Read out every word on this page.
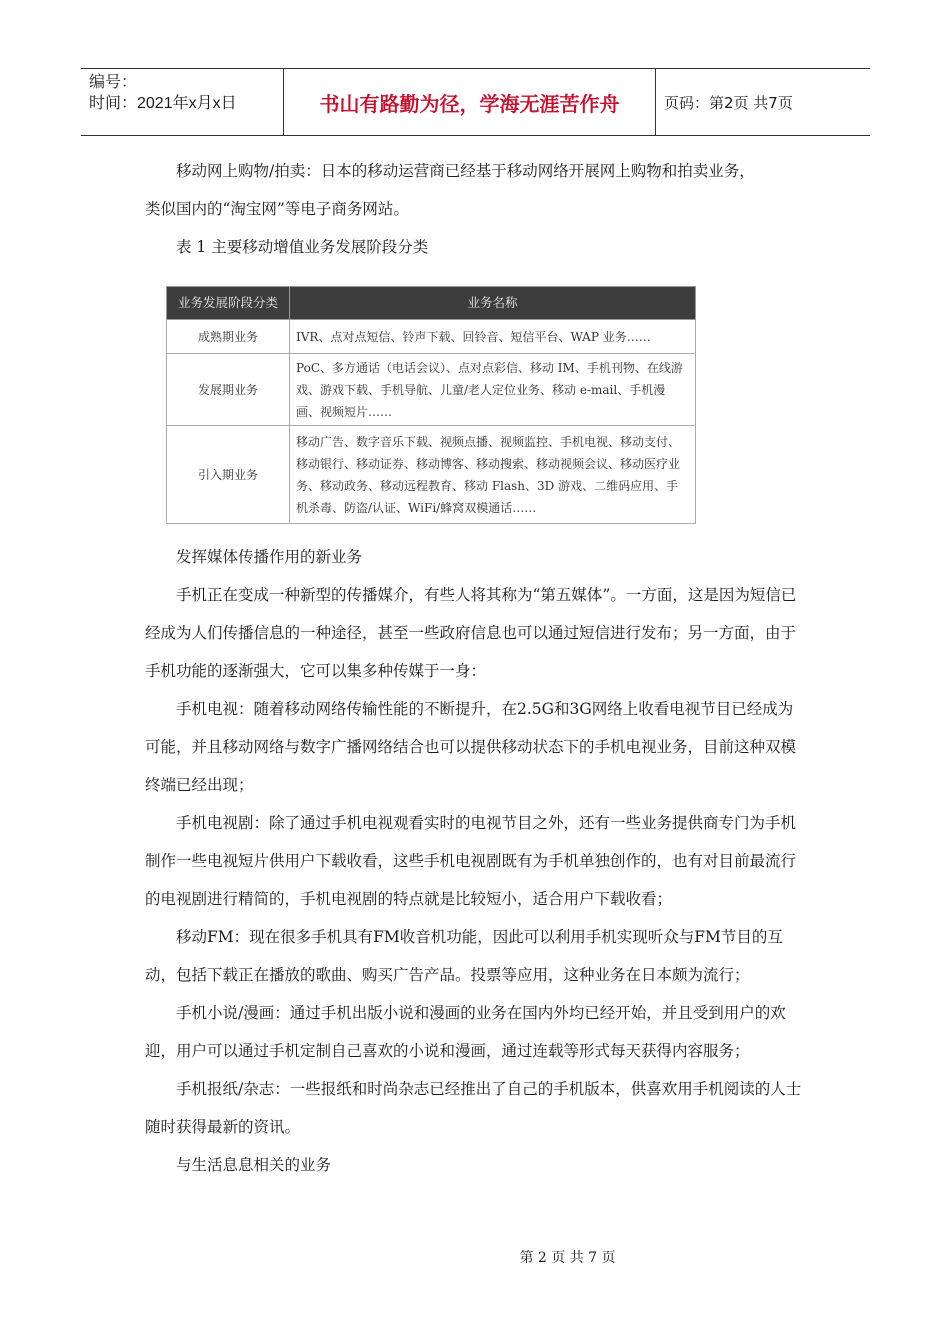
编号：
时间：2021年x月x日	书山有路勤为径，学海无涯苦作舟	页码：第2页 共7页

移动网上购物/拍卖：日本的移动运营商已经基于移动网络开展网上购物和拍卖业务，

类似国内的“淘宝网”等电子商务网站。

表 1 主要移动增值业务发展阶段分类

业务发展阶段分类	业务名称
成熟期业务	IVR、点对点短信、铃声下载、回铃音、短信平台、WAP 业务……
发展期业务	PoC、多方通话（电话会议）、点对点彩信、移动 IM、手机刊物、在线游戏、游戏下载、手机导航、儿童/老人定位业务、移动 e-mail、手机漫画、视频短片……
引入期业务	移动广告、数字音乐下载、视频点播、视频监控、手机电视、移动支付、移动银行、移动证券、移动博客、移动搜索、移动视频会议、移动医疗业务、移动政务、移动远程教育、移动 Flash、3D 游戏、二维码应用、手机杀毒、防盗/认证、WiFi/蜂窝双模通话……

发挥媒体传播作用的新业务

手机正在变成一种新型的传播媒介，有些人将其称为“第五媒体”。一方面，这是因为短信已经成为人们传播信息的一种途径，甚至一些政府信息也可以通过短信进行发布；另一方面，由于手机功能的逐渐强大，它可以集多种传媒于一身：

手机电视：随着移动网络传输性能的不断提升，在2.5G和3G网络上收看电视节目已经成为可能，并且移动网络与数字广播网络结合也可以提供移动状态下的手机电视业务，目前这种双模终端已经出现；

手机电视剧：除了通过手机电视观看实时的电视节目之外，还有一些业务提供商专门为手机制作一些电视短片供用户下载收看，这些手机电视剧既有为手机单独创作的，也有对目前最流行的电视剧进行精简的，手机电视剧的特点就是比较短小，适合用户下载收看；

移动FM：现在很多手机具有FM收音机功能，因此可以利用手机实现听众与FM节目的互动，包括下载正在播放的歌曲、购买广告产品。投票等应用，这种业务在日本颇为流行；

手机小说/漫画：通过手机出版小说和漫画的业务在国内外均已经开始，并且受到用户的欢迎，用户可以通过手机定制自己喜欢的小说和漫画，通过连载等形式每天获得内容服务；

手机报纸/杂志：一些报纸和时尚杂志已经推出了自己的手机版本，供喜欢用手机阅读的人士随时获得最新的资讯。

与生活息息相关的业务

第 2 页 共 7 页
